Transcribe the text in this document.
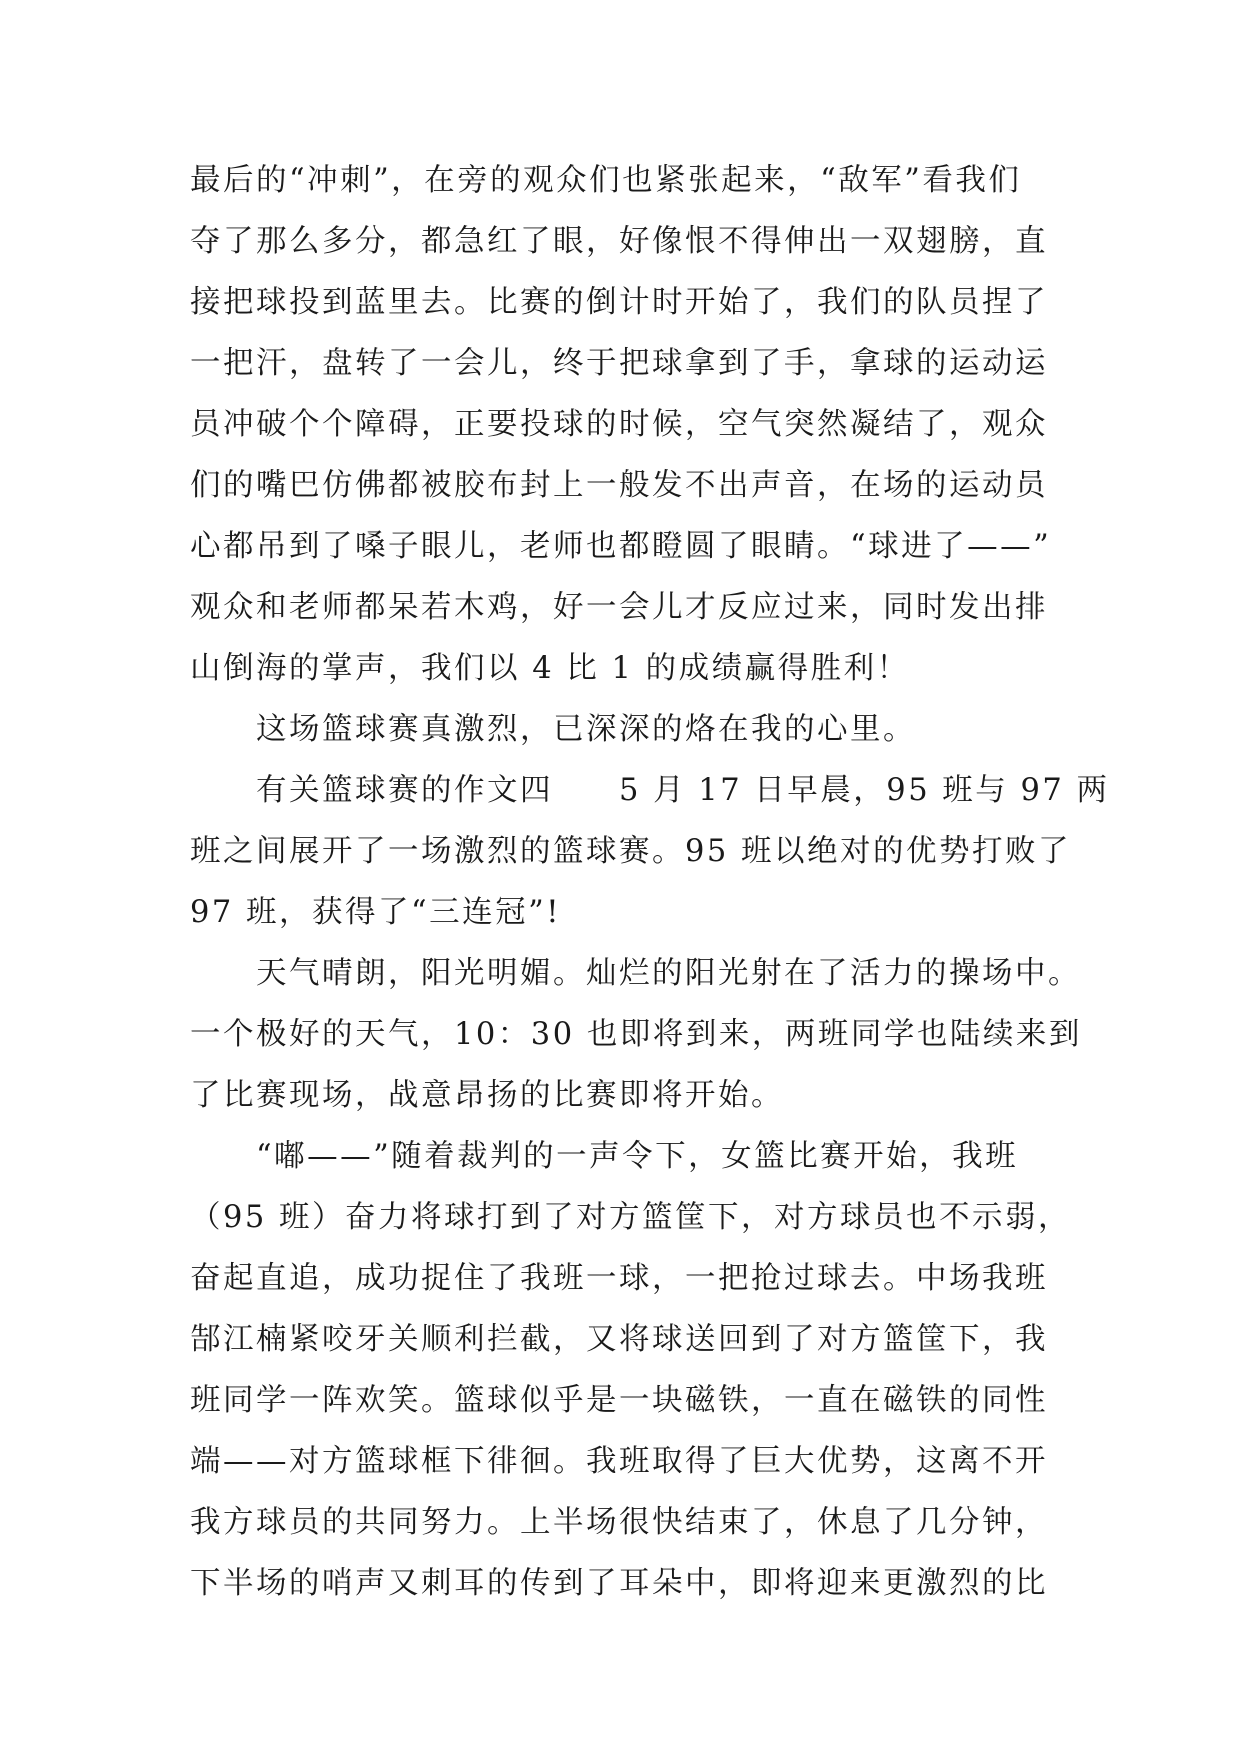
最后的“冲刺”，在旁的观众们也紧张起来，“敌军”看我们
夺了那么多分，都急红了眼，好像恨不得伸出一双翅膀，直
接把球投到蓝里去。比赛的倒计时开始了，我们的队员捏了
一把汗，盘转了一会儿，终于把球拿到了手，拿球的运动运
员冲破个个障碍，正要投球的时候，空气突然凝结了，观众
们的嘴巴仿佛都被胶布封上一般发不出声音，在场的运动员
心都吊到了嗓子眼儿，老师也都瞪圆了眼睛。“球进了——”
观众和老师都呆若木鸡，好一会儿才反应过来，同时发出排
山倒海的掌声，我们以 4 比 1 的成绩赢得胜利！

这场篮球赛真激烈，已深深的烙在我的心里。

有关篮球赛的作文四　　5 月 17 日早晨，95 班与 97 两
班之间展开了一场激烈的篮球赛。95 班以绝对的优势打败了
97 班，获得了“三连冠”!

天气晴朗，阳光明媚。灿烂的阳光射在了活力的操场中。
一个极好的天气，10：30 也即将到来，两班同学也陆续来到
了比赛现场，战意昂扬的比赛即将开始。

“嘟——”随着裁判的一声令下，女篮比赛开始，我班
（95 班）奋力将球打到了对方篮筐下，对方球员也不示弱，
奋起直追，成功捉住了我班一球，一把抢过球去。中场我班
郜江楠紧咬牙关顺利拦截，又将球送回到了对方篮筐下，我
班同学一阵欢笑。篮球似乎是一块磁铁，一直在磁铁的同性
端——对方篮球框下徘徊。我班取得了巨大优势，这离不开
我方球员的共同努力。上半场很快结束了，休息了几分钟，
下半场的哨声又刺耳的传到了耳朵中，即将迎来更激烈的比
